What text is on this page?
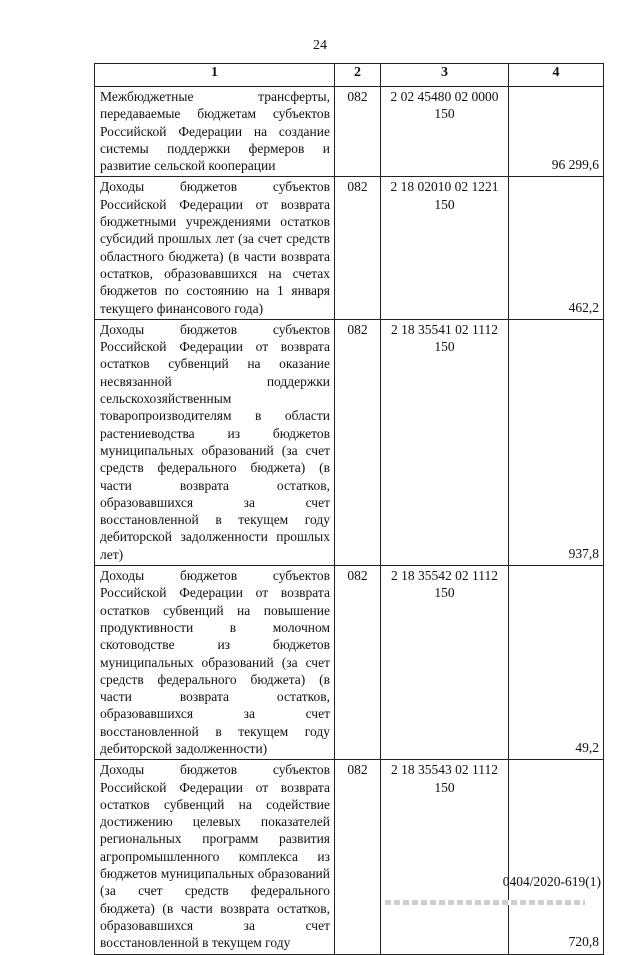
24
1	2	3	4
Межбюджетные трансферты, передаваемые бюджетам субъектов Российской Федерации на создание системы поддержки фермеров и развитие сельской кооперации	082	2 02 45480 02 0000 150	96 299,6
Доходы бюджетов субъектов Российской Федерации от возврата бюджетными учреждениями остатков субсидий прошлых лет (за счет средств областного бюджета) (в части возврата остатков, образовавшихся на счетах бюджетов по состоянию на 1 января текущего финансового года)	082	2 18 02010 02 1221 150	462,2
Доходы бюджетов субъектов Российской Федерации от возврата остатков субвенций на оказание несвязанной поддержки сельскохозяйственным товаропроизводителям в области растениеводства из бюджетов муниципальных образований (за счет средств федерального бюджета) (в части возврата остатков, образовавшихся за счет восстановленной в текущем году дебиторской задолженности прошлых лет)	082	2 18 35541 02 1112 150	937,8
Доходы бюджетов субъектов Российской Федерации от возврата остатков субвенций на повышение продуктивности в молочном скотоводстве из бюджетов муниципальных образований (за счет средств федерального бюджета) (в части возврата остатков, образовавшихся за счет восстановленной в текущем году дебиторской задолженности)	082	2 18 35542 02 1112 150	49,2
Доходы бюджетов субъектов Российской Федерации от возврата остатков субвенций на содействие достижению целевых показателей региональных программ развития агропромышленного комплекса из бюджетов муниципальных образований (за счет средств федерального бюджета) (в части возврата остатков, образовавшихся за счет восстановленной в текущем году	082	2 18 35543 02 1112 150	720,8
0404/2020-619(1)
